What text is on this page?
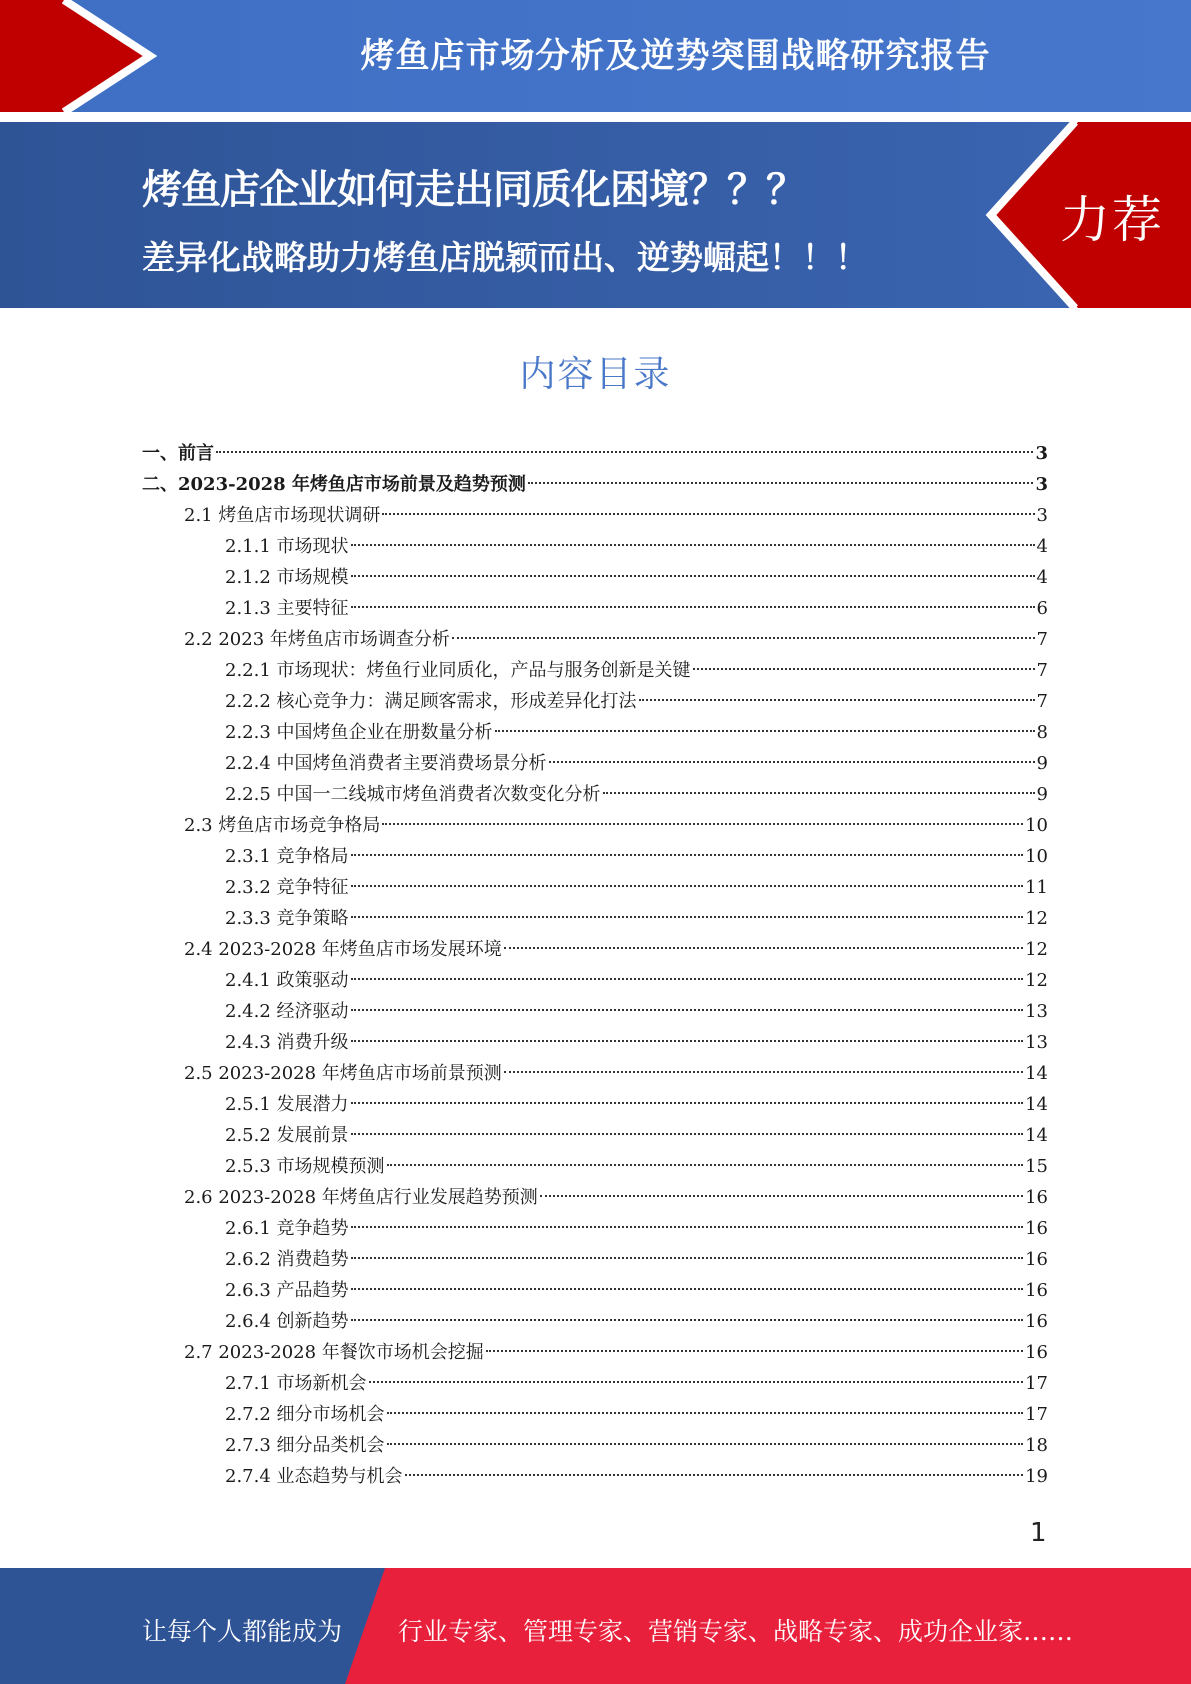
烤鱼店市场分析及逆势突围战略研究报告
烤鱼店企业如何走出同质化困境？？？
差异化战略助力烤鱼店脱颖而出、逆势崛起！！！
力荐
内容目录
一、前言	3
二、2023-2028 年烤鱼店市场前景及趋势预测	3
2.1 烤鱼店市场现状调研	3
2.1.1 市场现状	4
2.1.2 市场规模	4
2.1.3 主要特征	6
2.2 2023 年烤鱼店市场调查分析	7
2.2.1 市场现状：烤鱼行业同质化，产品与服务创新是关键	7
2.2.2 核心竞争力：满足顾客需求，形成差异化打法	7
2.2.3 中国烤鱼企业在册数量分析	8
2.2.4 中国烤鱼消费者主要消费场景分析	9
2.2.5 中国一二线城市烤鱼消费者次数变化分析	9
2.3 烤鱼店市场竞争格局	10
2.3.1 竞争格局	10
2.3.2 竞争特征	11
2.3.3 竞争策略	12
2.4 2023-2028 年烤鱼店市场发展环境	12
2.4.1 政策驱动	12
2.4.2 经济驱动	13
2.4.3 消费升级	13
2.5 2023-2028 年烤鱼店市场前景预测	14
2.5.1 发展潜力	14
2.5.2 发展前景	14
2.5.3 市场规模预测	15
2.6 2023-2028 年烤鱼店行业发展趋势预测	16
2.6.1 竞争趋势	16
2.6.2 消费趋势	16
2.6.3 产品趋势	16
2.6.4 创新趋势	16
2.7 2023-2028 年餐饮市场机会挖掘	16
2.7.1 市场新机会	17
2.7.2 细分市场机会	17
2.7.3 细分品类机会	18
2.7.4 业态趋势与机会	19
1
让每个人都能成为 行业专家、管理专家、营销专家、战略专家、成功企业家……
